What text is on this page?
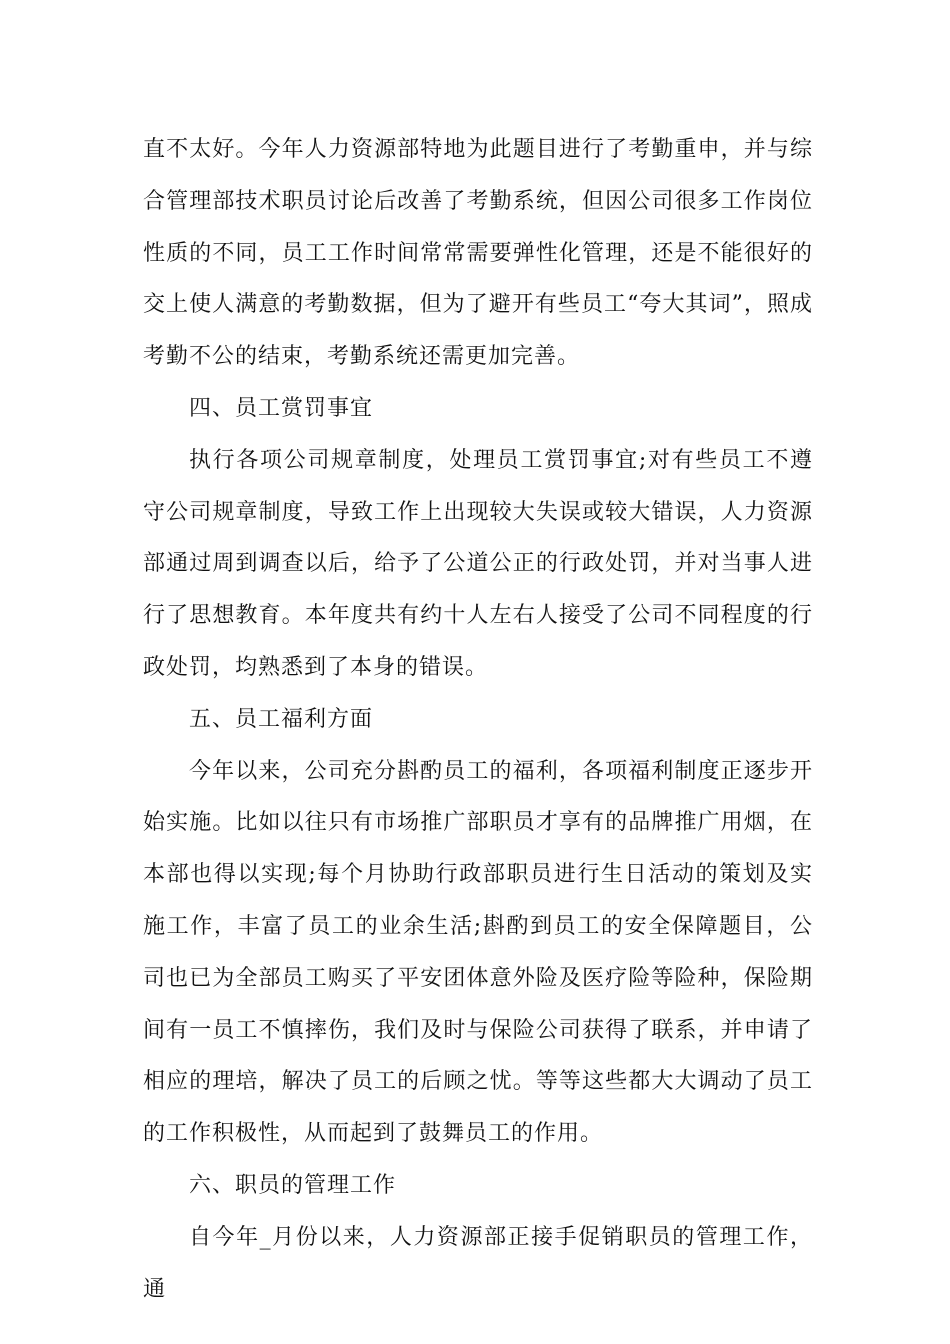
直不太好。今年人力资源部特地为此题目进行了考勤重申，并与综合管理部技术职员讨论后改善了考勤系统，但因公司很多工作岗位性质的不同，员工工作时间常常需要弹性化管理，还是不能很好的交上使人满意的考勤数据，但为了避开有些员工“夸大其词”，照成考勤不公的结束，考勤系统还需更加完善。

四、员工赏罚事宜

执行各项公司规章制度，处理员工赏罚事宜;对有些员工不遵守公司规章制度，导致工作上出现较大失误或较大错误，人力资源部通过周到调查以后，给予了公道公正的行政处罚，并对当事人进行了思想教育。本年度共有约十人左右人接受了公司不同程度的行政处罚，均熟悉到了本身的错误。

五、员工福利方面

今年以来，公司充分斟酌员工的福利，各项福利制度正逐步开始实施。比如以往只有市场推广部职员才享有的品牌推广用烟，在本部也得以实现;每个月协助行政部职员进行生日活动的策划及实施工作，丰富了员工的业余生活;斟酌到员工的安全保障题目，公司也已为全部员工购买了平安团体意外险及医疗险等险种，保险期间有一员工不慎摔伤，我们及时与保险公司获得了联系，并申请了相应的理培，解决了员工的后顾之忧。等等这些都大大调动了员工的工作积极性，从而起到了鼓舞员工的作用。

六、职员的管理工作

自今年_月份以来，人力资源部正接手促销职员的管理工作，通
